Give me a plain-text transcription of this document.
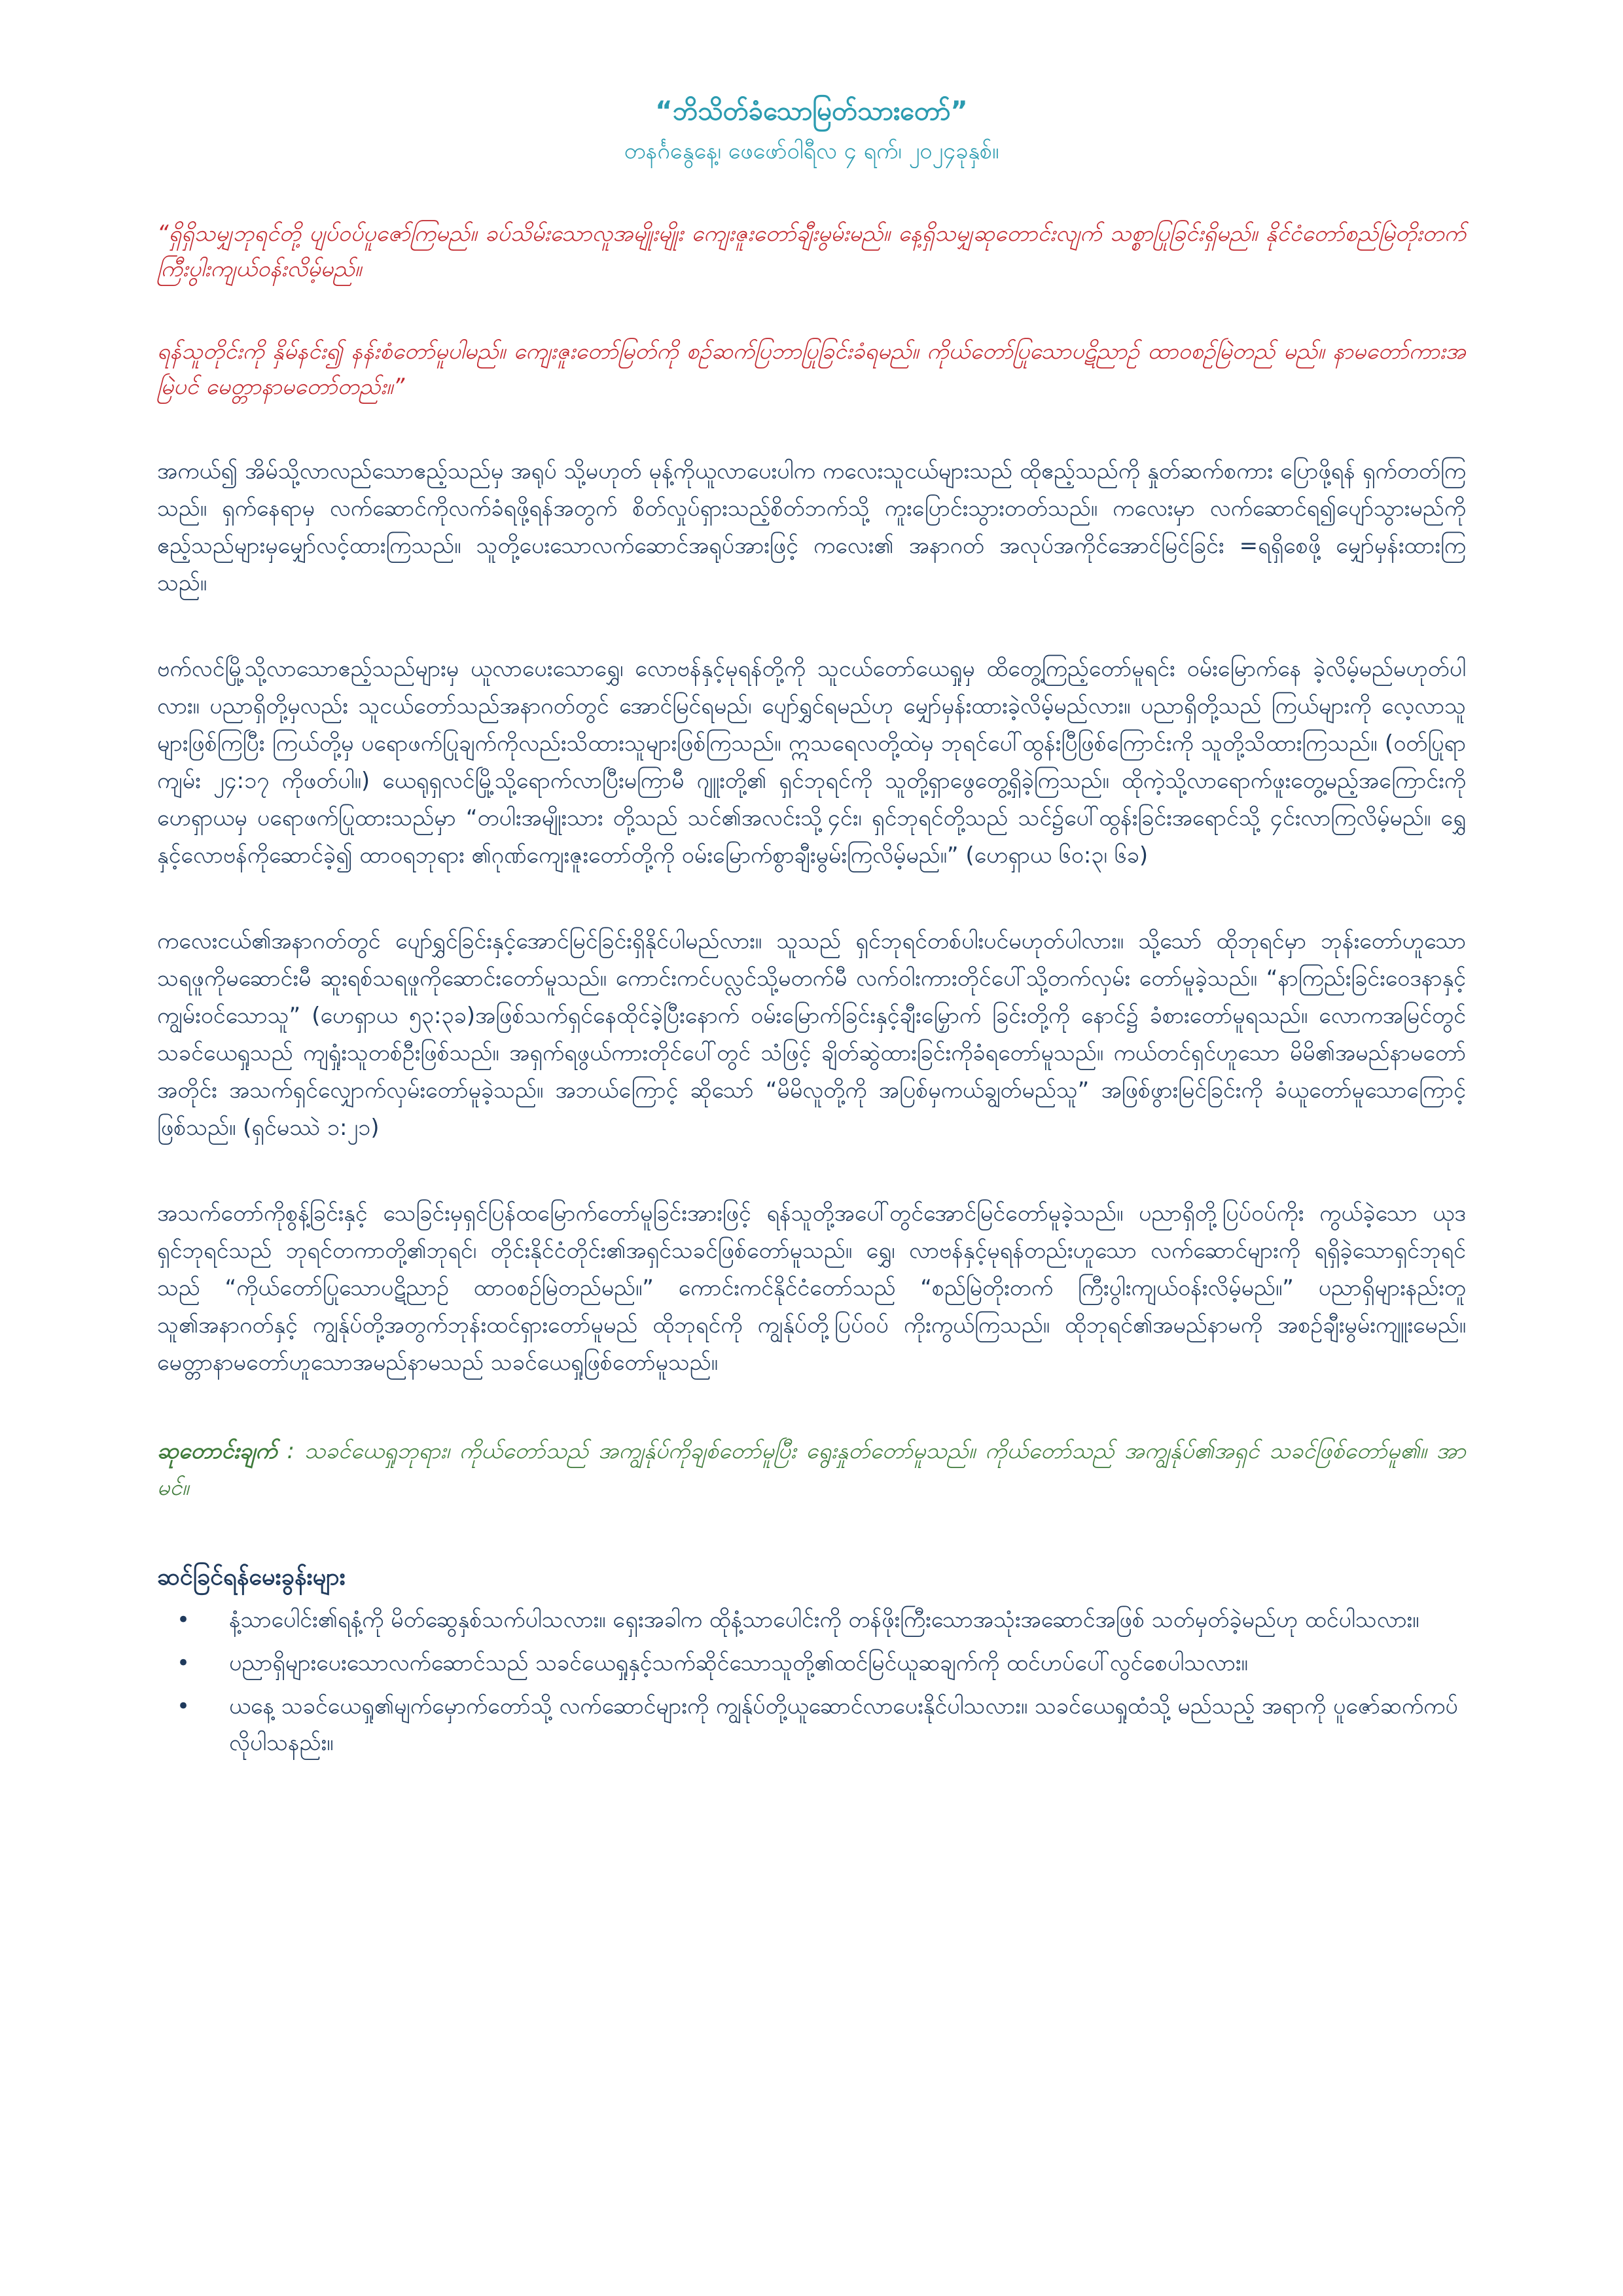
“ဘိသိတ်ခံသောမြတ်သားတော်”

တနင်္ဂနွေနေ့၊ ဖေဖော်ဝါရီလ ၄ ရက်၊ ၂၀၂၄ခုနှစ်။

“ရှိရှိသမျှဘုရင်တို့ ပျပ်ဝပ်ပူဇော်ကြမည်။ ခပ်သိမ်းသောလူအမျိုးမျိုး ကျေးဇူးတော်ချီးမွမ်းမည်။ နေ့ရှိသမျှဆုတောင်းလျက် သစ္စာပြုခြင်းရှိမည်။ နိုင်ငံတော်စည်မြဲတိုးတက် ကြီးပွါးကျယ်ဝန်းလိမ့်မည်။

ရန်သူတိုင်းကို နှိမ်နင်း၍ နန်းစံတော်မူပါမည်။ ကျေးဇူးတော်မြတ်ကို စဉ်ဆက်ပြဘာပြုခြင်းခံရမည်။ ကိုယ်တော်ပြုသောပဋိညာဉ် ထာဝစဉ်မြဲတည် မည်။ နာမတော်ကားအမြဲပင် မေတ္တာနာမတော်တည်း။”

အကယ်၍ အိမ်သို့လာလည်သောဧည့်သည်မှ အရုပ် သို့မဟုတ် မုန့်ကိုယူလာပေးပါက ကလေးသူငယ်များသည် ထိုဧည့်သည်ကို နှုတ်ဆက်စကား ပြောဖို့ရန် ရှက်တတ်ကြသည်။ ရှက်နေရာမှ လက်ဆောင်ကိုလက်ခံရဖို့ရန်အတွက် စိတ်လှုပ်ရှားသည့်စိတ်ဘက်သို့ ကူးပြောင်းသွားတတ်သည်။ ကလေးမှာ လက်ဆောင်ရ၍ပျော်သွားမည်ကို ဧည့်သည်များမှမျှော်လင့်ထားကြသည်။ သူတို့ပေးသောလက်ဆောင်အရုပ်အားဖြင့် ကလေး၏ အနာဂတ် အလုပ်အကိုင်အောင်မြင်ခြင်း =ရရှိစေဖို့ မျှော်မှန်းထားကြသည်။

ဗက်လင်မြို့သို့လာသောဧည့်သည်များမှ ယူလာပေးသောရွှေ၊ လောဗန်နှင့်မုရန်တို့ကို သူငယ်တော်ယေရှုမှ ထိတွေ့ကြည့်တော်မူရင်း ဝမ်းမြောက်နေ ခဲ့လိမ့်မည်မဟုတ်ပါလား။ ပညာရှိတို့မှလည်း သူငယ်တော်သည်အနာဂတ်တွင် အောင်မြင်ရမည်၊ ပျော်ရွှင်ရမည်ဟု မျှော်မှန်းထားခဲ့လိမ့်မည်လား။ ပညာရှိတို့သည် ကြယ်များကို လေ့လာသူများဖြစ်ကြပြီး ကြယ်တို့မှ ပရောဖက်ပြုချက်ကိုလည်းသိထားသူများဖြစ်ကြသည်။ ဣသရေလတို့ထဲမှ ဘုရင်ပေါ်ထွန်းပြီဖြစ်ကြောင်းကို သူတို့သိထားကြသည်။ (ဝတ်ပြုရာကျမ်း ၂၄:၁၇ ကိုဖတ်ပါ။) ယေရုရှလင်မြို့သို့ရောက်လာပြီးမကြာမီ ဂျူးတို့၏ ရှင်ဘုရင်ကို သူတို့ရှာဖွေတွေ့ရှိခဲ့ကြသည်။ ထိုကဲ့သို့လာရောက်ဖူးတွေ့မည့်အကြောင်းကို ဟေရှာယမှ ပရောဖက်ပြုထားသည်မှာ “တပါးအမျိုးသား တို့သည် သင်၏အလင်းသို့၄င်း၊ ရှင်ဘုရင်တို့သည် သင်၌ပေါ်ထွန်းခြင်းအရောင်သို့ ၄င်းလာကြလိမ့်မည်။ ရွှေနှင့်လောဗန်ကိုဆောင်ခဲ့၍ ထာဝရဘုရား ၏ဂုဏ်ကျေးဇူးတော်တို့ကို ဝမ်းမြောက်စွာချီးမွမ်းကြလိမ့်မည်။” (ဟေရှာယ ၆၀:၃၊ ၆ခ)

ကလေးငယ်၏အနာဂတ်တွင် ပျော်ရွှင်ခြင်းနှင့်အောင်မြင်ခြင်းရှိနိုင်ပါမည်လား။ သူသည် ရှင်ဘုရင်တစ်ပါးပင်မဟုတ်ပါလား။ သို့သော် ထိုဘုရင်မှာ ဘုန်းတော်ဟူသောသရဖူကိုမဆောင်းမီ ဆူးရစ်သရဖူကိုဆောင်းတော်မူသည်။ ကောင်းကင်ပလ္လင်သို့မတက်မီ လက်ဝါးကားတိုင်ပေါ်သို့တက်လှမ်း တော်မူခဲ့သည်။ “နာကြည်းခြင်းဝေဒနာနှင့်ကျွမ်းဝင်သောသူ” (ဟေရှာယ ၅၃:၃ခ)အဖြစ်သက်ရှင်နေထိုင်ခဲ့ပြီးနောက် ဝမ်းမြောက်ခြင်းနှင့်ချီးမြှောက် ခြင်းတို့ကို နောင်၌ ခံစားတော်မူရသည်။ လောကအမြင်တွင် သခင်ယေရှုသည် ကျရှုံးသူတစ်ဦးဖြစ်သည်။ အရှက်ရဖွယ်ကားတိုင်ပေါ်တွင် သံဖြင့် ချိတ်ဆွဲထားခြင်းကိုခံရတော်မူသည်။ ကယ်တင်ရှင်ဟူသော မိမိ၏အမည်နာမတော်အတိုင်း အသက်ရှင်လျှောက်လှမ်းတော်မူခဲ့သည်။ အဘယ်ကြောင့် ဆိုသော် “မိမိလူတို့ကို အပြစ်မှကယ်ချွတ်မည်သူ” အဖြစ်ဖွားမြင်ခြင်းကို ခံယူတော်မူသောကြောင့်ဖြစ်သည်။ (ရှင်မဿဲ ၁:၂၁)

အသက်တော်ကိုစွန့်ခြင်းနှင့် သေခြင်းမှရှင်ပြန်ထမြောက်တော်မူခြင်းအားဖြင့် ရန်သူတို့အပေါ်တွင်အောင်မြင်တော်မူခဲ့သည်။ ပညာရှိတို့ပြပ်ဝပ်ကိုး ကွယ်ခဲ့သော ယုဒရှင်ဘုရင်သည် ဘုရင်တကာတို့၏ဘုရင်၊ တိုင်းနိုင်ငံတိုင်း၏အရှင်သခင်ဖြစ်တော်မူသည်။ ရွှေ၊ လာဗန်နှင့်မုရန်တည်းဟူသော လက်ဆောင်များကို ရရှိခဲ့သောရှင်ဘုရင်သည် “ကိုယ်တော်ပြုသောပဋိညာဉ် ထာဝစဉ်မြဲတည်မည်။” ကောင်းကင်နိုင်ငံတော်သည် “စည်မြဲတိုးတက် ကြီးပွါးကျယ်ဝန်းလိမ့်မည်။” ပညာရှိများနည်းတူ သူ၏အနာဂတ်နှင့် ကျွန်ုပ်တို့အတွက်ဘုန်းထင်ရှားတော်မူမည် ထိုဘုရင်ကို ကျွန်ုပ်တို့ပြပ်ဝပ် ကိုးကွယ်ကြသည်။ ထိုဘုရင်၏အမည်နာမကို အစဉ်ချီးမွမ်းကျူးမေည်။ မေတ္တာနာမတော်ဟူသောအမည်နာမသည် သခင်ယေရှုဖြစ်တော်မူသည်။

ဆုတောင်းချက် : သခင်ယေရှုဘုရား၊ ကိုယ်တော်သည် အကျွန်ုပ်ကိုချစ်တော်မူပြီး ရွေးနှုတ်တော်မူသည်။ ကိုယ်တော်သည် အကျွန်ုပ်၏အရှင် သခင်ဖြစ်တော်မူ၏။ အာမင်။

ဆင်ခြင်ရန်မေးခွန်းများ
• နံ့သာပေါင်း၏ရနံ့ကို မိတ်ဆွေနှစ်သက်ပါသလား။ ရှေးအခါက ထိုနံ့သာပေါင်းကို တန်ဖိုးကြီးသောအသုံးအဆောင်အဖြစ် သတ်မှတ်ခဲ့မည်ဟု ထင်ပါသလား။
• ပညာရှိများပေးသောလက်ဆောင်သည် သခင်ယေရှုနှင့်သက်ဆိုင်သောသူတို့၏ထင်မြင်ယူဆချက်ကို ထင်ဟပ်ပေါ်လွင်စေပါသလား။
• ယနေ့ သခင်ယေရှု၏မျက်မှောက်တော်သို့ လက်ဆောင်များကို ကျွန်ုပ်တို့ယူဆောင်လာပေးနိုင်ပါသလား။ သခင်ယေရှုထံသို့ မည်သည့် အရာကို ပူဇော်ဆက်ကပ်လိုပါသနည်း။
